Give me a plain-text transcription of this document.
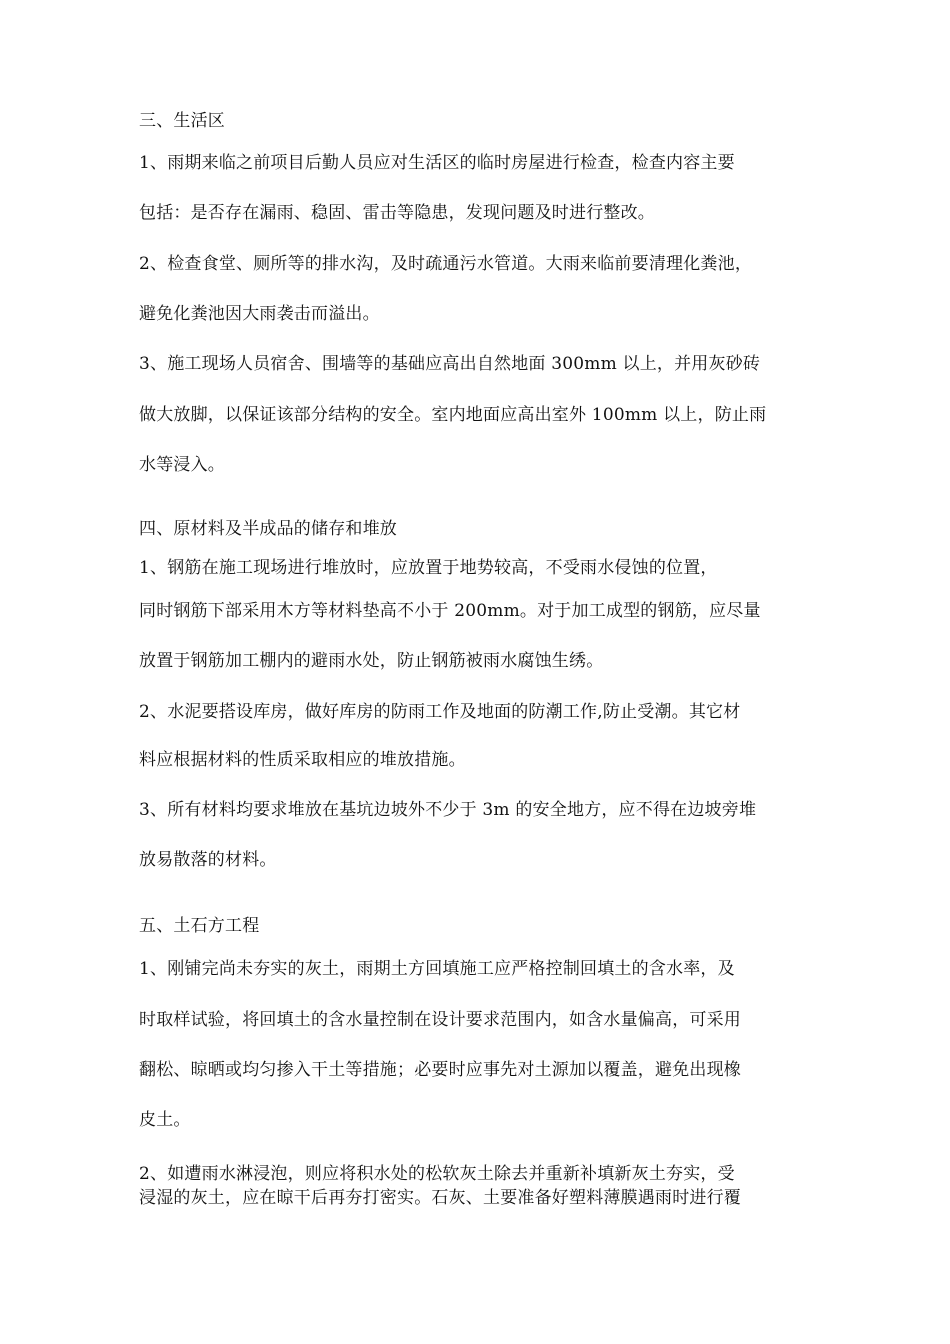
三、生活区
1、雨期来临之前项目后勤人员应对生活区的临时房屋进行检查，检查内容主要
包括：是否存在漏雨、稳固、雷击等隐患，发现问题及时进行整改。
2、检查食堂、厕所等的排水沟，及时疏通污水管道。大雨来临前要清理化粪池，
避免化粪池因大雨袭击而溢出。
3、施工现场人员宿舍、围墙等的基础应高出自然地面 300mm 以上，并用灰砂砖
做大放脚，以保证该部分结构的安全。室内地面应高出室外 100mm 以上，防止雨
水等浸入。
四、原材料及半成品的储存和堆放
1、钢筋在施工现场进行堆放时，应放置于地势较高，不受雨水侵蚀的位置，
同时钢筋下部采用木方等材料垫高不小于 200mm。对于加工成型的钢筋，应尽量
放置于钢筋加工棚内的避雨水处，防止钢筋被雨水腐蚀生绣。
2、水泥要搭设库房，做好库房的防雨工作及地面的防潮工作,防止受潮。其它材
料应根据材料的性质采取相应的堆放措施。
3、所有材料均要求堆放在基坑边坡外不少于 3m 的安全地方，应不得在边坡旁堆
放易散落的材料。
五、土石方工程
1、刚铺完尚未夯实的灰土，雨期土方回填施工应严格控制回填土的含水率，及
时取样试验，将回填土的含水量控制在设计要求范围内，如含水量偏高，可采用
翻松、晾晒或均匀掺入干土等措施；必要时应事先对土源加以覆盖，避免出现橡
皮土。
2、如遭雨水淋浸泡，则应将积水处的松软灰土除去并重新补填新灰土夯实，受
浸湿的灰土，应在晾干后再夯打密实。石灰、土要准备好塑料薄膜遇雨时进行覆
